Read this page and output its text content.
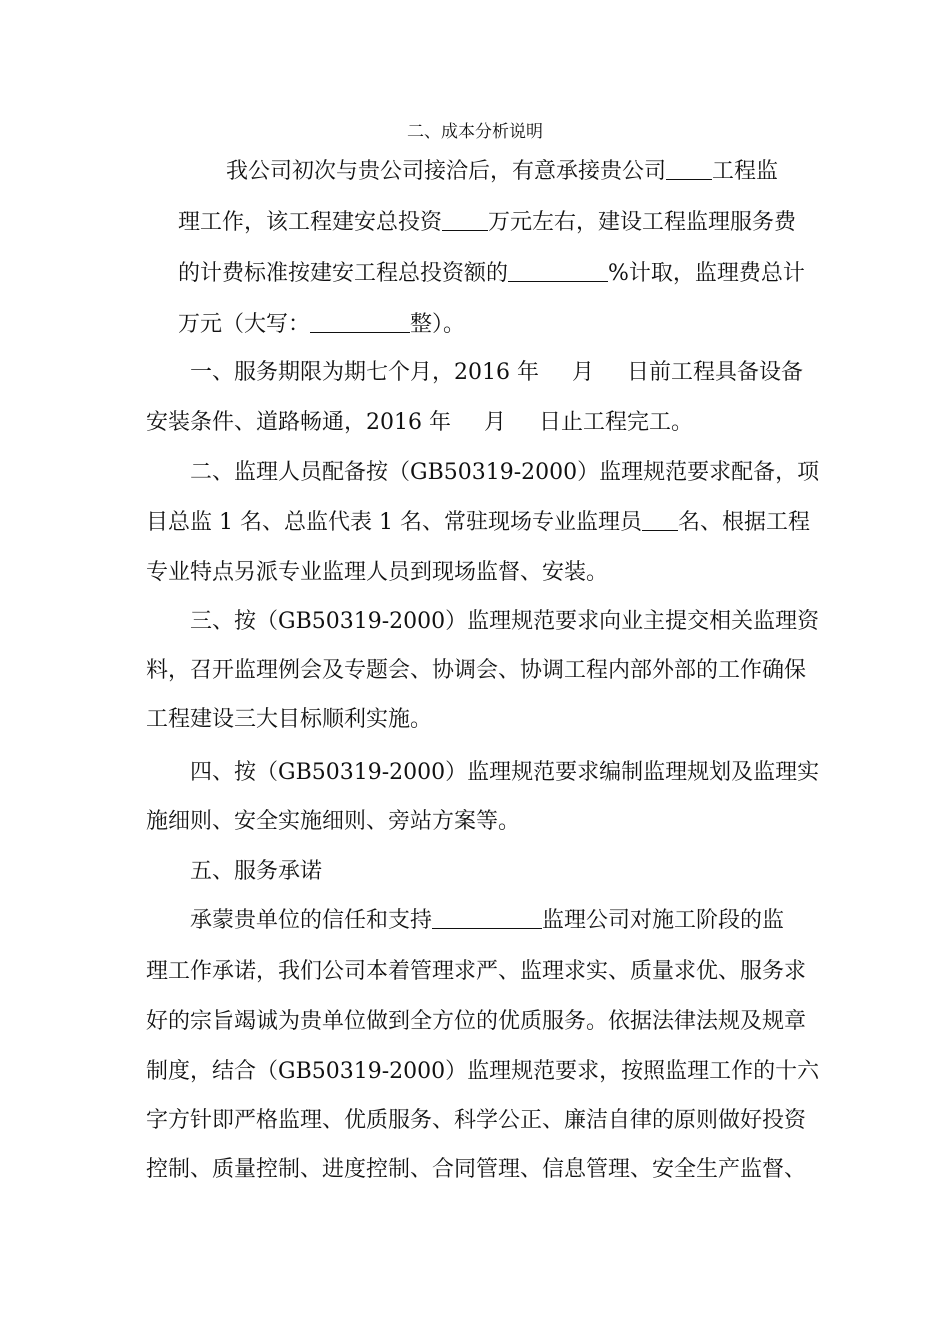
二、成本分析说明
我公司初次与贵公司接洽后，有意承接贵公司 工程监
理工作，该工程建安总投资 万元左右，建设工程监理服务费
的计费标准按建安工程总投资额的	%计取，监理费总计
万元（大写：	整）。
一、服务期限为期七个月，2016 年 月 日前工程具备设备
安装条件、道路畅通，2016 年 月 日止工程完工。
二、监理人员配备按（GB50319-2000）监理规范要求配备，项
目总监 1 名、总监代表 1 名、常驻现场专业监理员 名、根据工程
专业特点另派专业监理人员到现场监督、安装。
三、按（GB50319-2000）监理规范要求向业主提交相关监理资
料，召开监理例会及专题会、协调会、协调工程内部外部的工作确保
工程建设三大目标顺利实施。
四、按（GB50319-2000）监理规范要求编制监理规划及监理实
施细则、安全实施细则、旁站方案等。
五、服务承诺
承蒙贵单位的信任和支持	监理公司对施工阶段的监
理工作承诺，我们公司本着管理求严、监理求实、质量求优、服务求
好的宗旨竭诚为贵单位做到全方位的优质服务。依据法律法规及规章
制度，结合（GB50319-2000）监理规范要求，按照监理工作的十六
字方针即严格监理、优质服务、科学公正、廉洁自律的原则做好投资
控制、质量控制、进度控制、合同管理、信息管理、安全生产监督、
